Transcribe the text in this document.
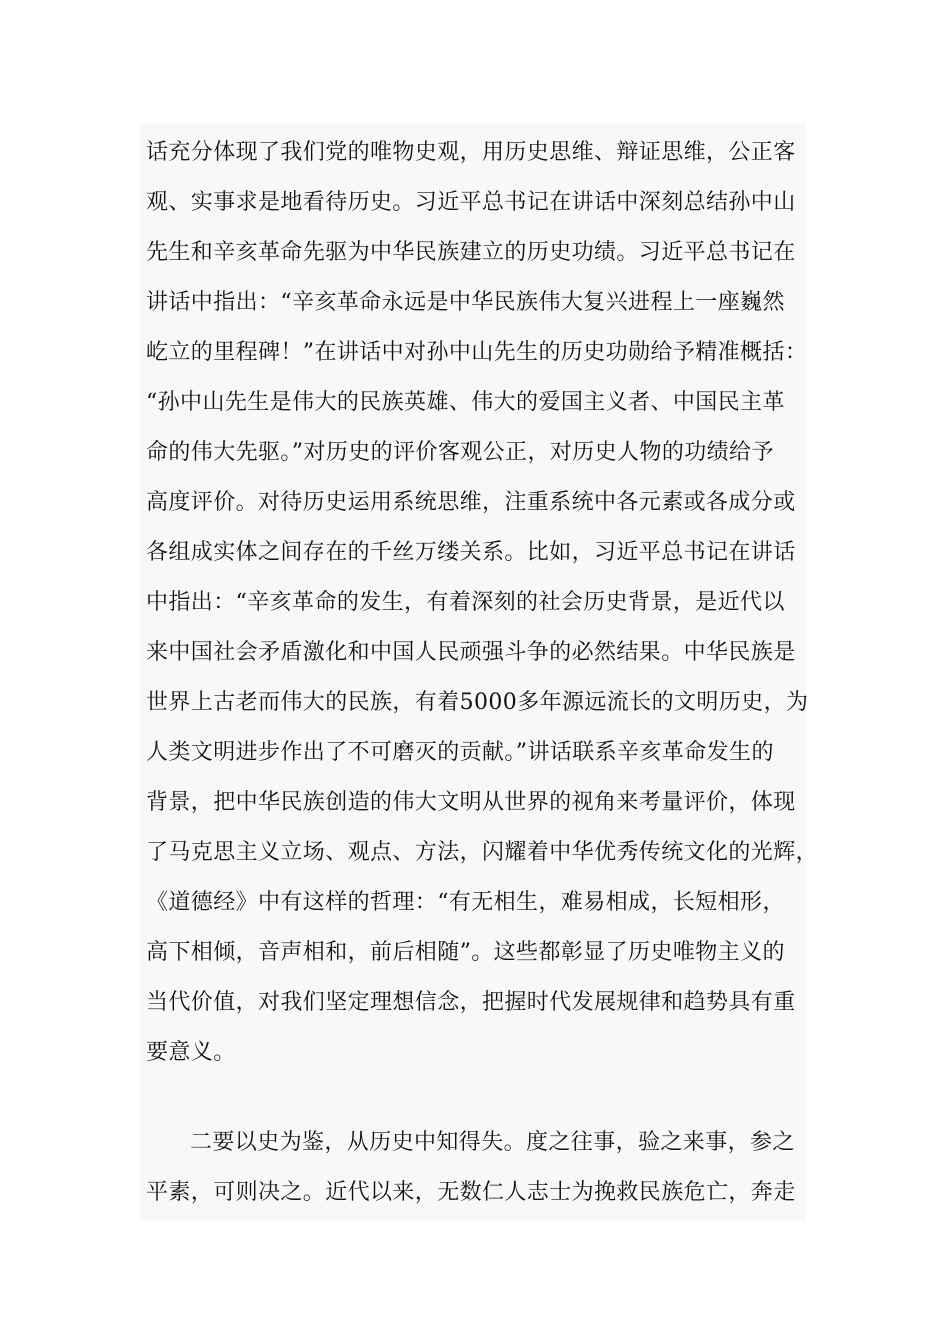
话充分体现了我们党的唯物史观，用历史思维、辩证思维，公正客
观、实事求是地看待历史。习近平总书记在讲话中深刻总结孙中山
先生和辛亥革命先驱为中华民族建立的历史功绩。习近平总书记在
讲话中指出：“辛亥革命永远是中华民族伟大复兴进程上一座巍然
屹立的里程碑！”在讲话中对孙中山先生的历史功勋给予精准概括：
“孙中山先生是伟大的民族英雄、伟大的爱国主义者、中国民主革
命的伟大先驱。”对历史的评价客观公正，对历史人物的功绩给予
高度评价。对待历史运用系统思维，注重系统中各元素或各成分或
各组成实体之间存在的千丝万缕关系。比如，习近平总书记在讲话
中指出：“辛亥革命的发生，有着深刻的社会历史背景，是近代以
来中国社会矛盾激化和中国人民顽强斗争的必然结果。中华民族是
世界上古老而伟大的民族，有着5000多年源远流长的文明历史，为
人类文明进步作出了不可磨灭的贡献。”讲话联系辛亥革命发生的
背景，把中华民族创造的伟大文明从世界的视角来考量评价，体现
了马克思主义立场、观点、方法，闪耀着中华优秀传统文化的光辉，
《道德经》中有这样的哲理：“有无相生，难易相成，长短相形，
高下相倾，音声相和，前后相随”。这些都彰显了历史唯物主义的
当代价值，对我们坚定理想信念，把握时代发展规律和趋势具有重
要意义。
二要以史为鉴，从历史中知得失。度之往事，验之来事，参之
平素，可则决之。近代以来，无数仁人志士为挽救民族危亡，奔走
